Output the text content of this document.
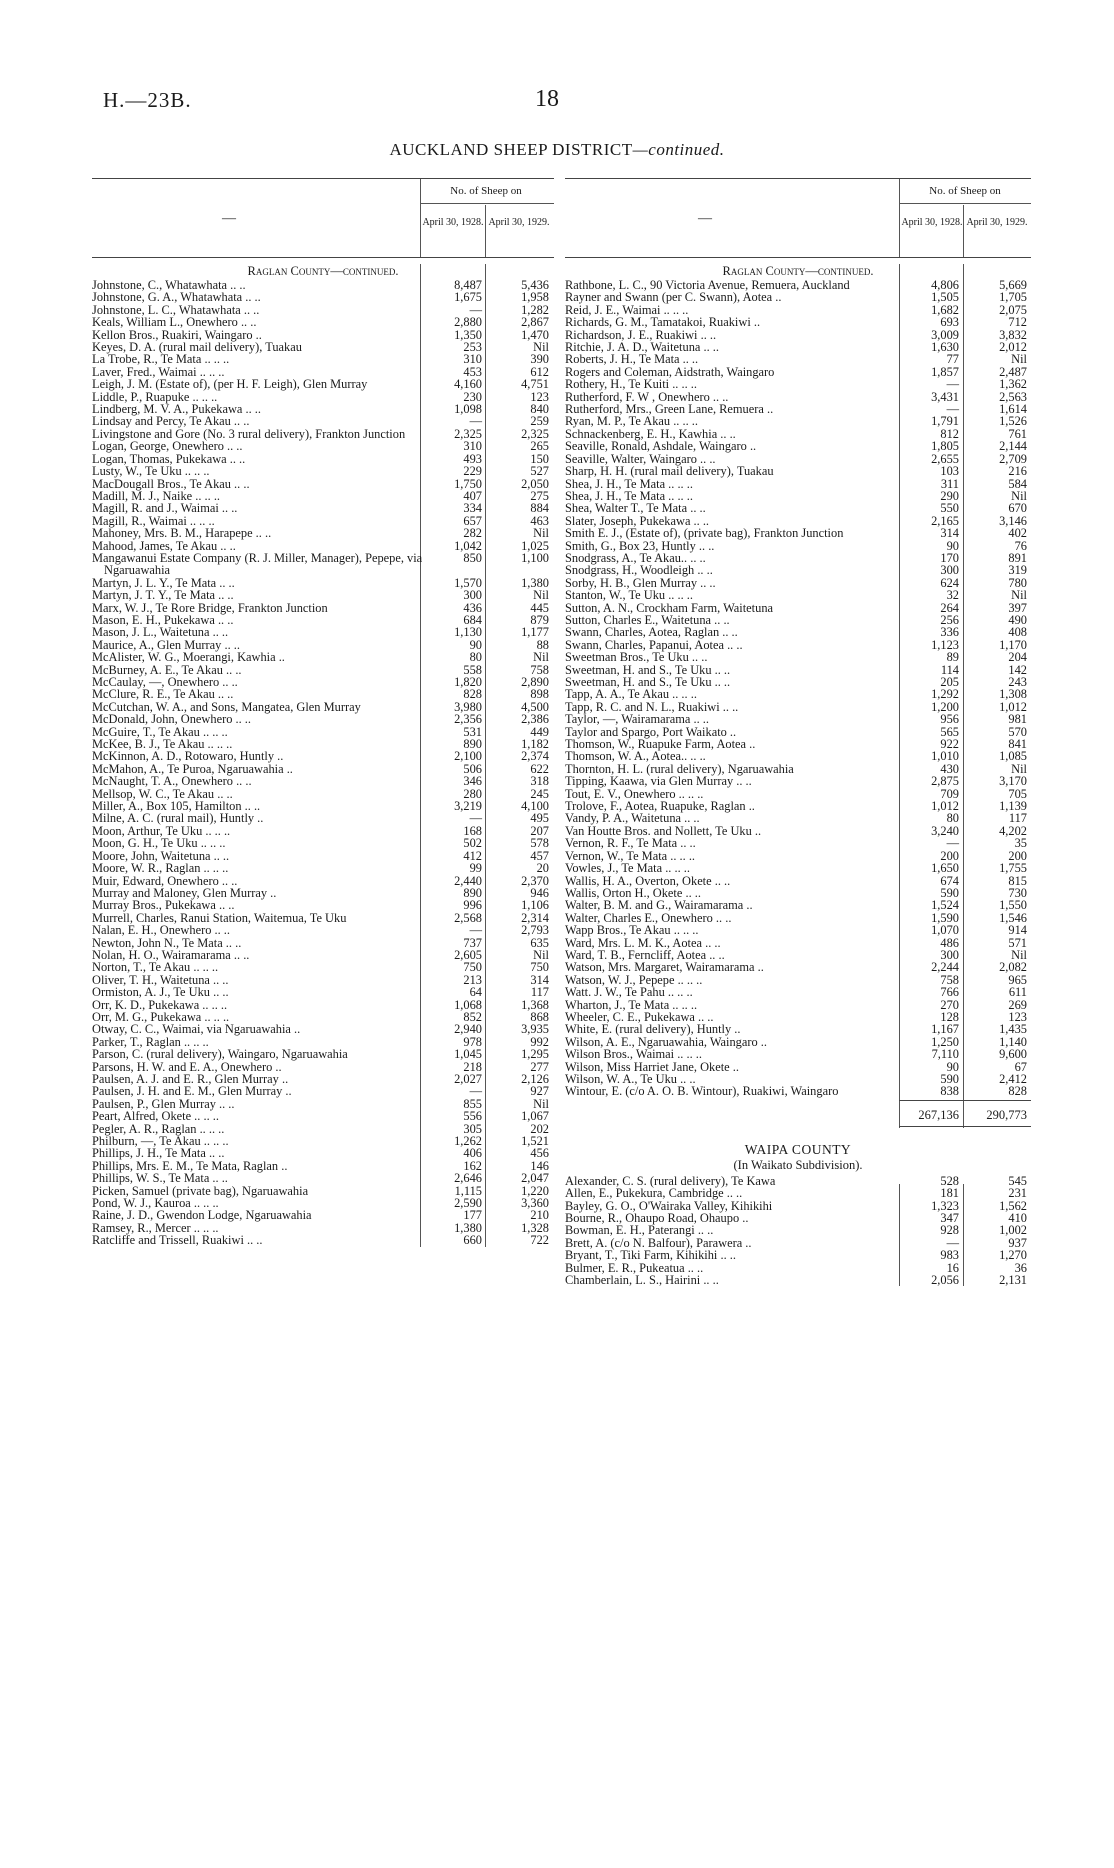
H.—23B.	18
AUCKLAND SHEEP DISTRICT—continued.
—
No. of Sheep on
April 30, 1928. April 30, 1929.
Raglan County—continued.
Johnstone, C., Whatawhata .. ..	8,487	5,436
Johnstone, G. A., Whatawhata .. ..	1,675	1,958
Johnstone, L. C., Whatawhata .. ..	—	1,282
Keals, William L., Onewhero .. ..	2,880	2,867
Kellon Bros., Ruakiri, Waingaro ..	1,350	1,470
Keyes, D. A. (rural mail delivery), Tuakau	253	Nil
La Trobe, R., Te Mata .. .. ..	310	390
Laver, Fred., Waimai .. .. ..	453	612
Leigh, J. M. (Estate of), (per H. F. Leigh), Glen Murray	4,160	4,751
Liddle, P., Ruapuke .. .. ..	230	123
Lindberg, M. V. A., Pukekawa .. ..	1,098	840
Lindsay and Percy, Te Akau .. ..	—	259
Livingstone and Gore (No. 3 rural delivery), Frankton Junction	2,325	2,325
Logan, George, Onewhero .. ..	310	265
Logan, Thomas, Pukekawa .. ..	493	150
Lusty, W., Te Uku .. .. ..	229	527
MacDougall Bros., Te Akau .. ..	1,750	2,050
Madill, M. J., Naike .. .. ..	407	275
Magill, R. and J., Waimai .. ..	334	884
Magill, R., Waimai .. .. ..	657	463
Mahoney, Mrs. B. M., Harapepe .. ..	282	Nil
Mahood, James, Te Akau .. ..	1,042	1,025
Mangawanui Estate Company (R. J. Miller, Manager), Pepepe, via Ngaruawahia
850	1,100
Martyn, J. L. Y., Te Mata .. ..	1,570	1,380
Martyn, J. T. Y., Te Mata .. ..	300	Nil
Marx, W. J., Te Rore Bridge, Frankton Junction	436	445
Mason, E. H., Pukekawa .. ..	684	879
Mason, J. L., Waitetuna .. ..	1,130	1,177
Maurice, A., Glen Murray .. ..	90	88
McAlister, W. G., Moerangi, Kawhia ..	80	Nil
McBurney, A. E., Te Akau .. ..	558	758
McCaulay, —, Onewhero .. ..	1,820	2,890
McClure, R. E., Te Akau .. ..	828	898
McCutchan, W. A., and Sons, Mangatea, Glen Murray	3,980	4,500
McDonald, John, Onewhero .. ..	2,356	2,386
McGuire, T., Te Akau .. .. ..	531	449
McKee, B. J., Te Akau .. .. ..	890	1,182
McKinnon, A. D., Rotowaro, Huntly ..	2,100	2,374
McMahon, A., Te Puroa, Ngaruawahia ..	506	622
McNaught, T. A., Onewhero .. ..	346	318
Mellsop, W. C., Te Akau .. ..	280	245
Miller, A., Box 105, Hamilton .. ..	3,219	4,100
Milne, A. C. (rural mail), Huntly ..	—	495
Moon, Arthur, Te Uku .. .. ..	168	207
Moon, G. H., Te Uku .. .. ..	502	578
Moore, John, Waitetuna .. ..	412	457
Moore, W. R., Raglan .. .. ..	99	20
Muir, Edward, Onewhero .. ..	2,440	2,370
Murray and Maloney, Glen Murray ..	890	946
Murray Bros., Pukekawa .. ..	996	1,106
Murrell, Charles, Ranui Station, Waitemua, Te Uku	2,568	2,314
Nalan, E. H., Onewhero .. ..	—	2,793
Newton, John N., Te Mata .. ..	737	635
Nolan, H. O., Wairamarama .. ..	2,605	Nil
Norton, T., Te Akau .. .. ..	750	750
Oliver, T. H., Waitetuna .. ..	213	314
Ormiston, A. J., Te Uku .. ..	64	117
Orr, K. D., Pukekawa .. .. ..	1,068	1,368
Orr, M. G., Pukekawa .. .. ..	852	868
Otway, C. C., Waimai, via Ngaruawahia ..	2,940	3,935
Parker, T., Raglan .. .. ..	978	992
Parson, C. (rural delivery), Waingaro, Ngaruawahia	1,045	1,295
Parsons, H. W. and E. A., Onewhero ..	218	277
Paulsen, A. J. and E. R., Glen Murray ..	2,027	2,126
Paulsen, J. H. and E. M., Glen Murray ..	—	927
Paulsen, P., Glen Murray .. ..	855	Nil
Peart, Alfred, Okete .. .. ..	556	1,067
Pegler, A. R., Raglan .. .. ..	305	202
Philburn, —, Te Akau .. .. ..	1,262	1,521
Phillips, J. H., Te Mata .. ..	406	456
Phillips, Mrs. E. M., Te Mata, Raglan ..	162	146
Phillips, W. S., Te Mata .. ..	2,646	2,047
Picken, Samuel (private bag), Ngaruawahia	1,115	1,220
Pond, W. J., Kauroa .. .. ..	2,590	3,360
Raine, J. D., Gwendon Lodge, Ngaruawahia	177	210
Ramsey, R., Mercer .. .. ..	1,380	1,328
Ratcliffe and Trissell, Ruakiwi .. ..	660	722
—
No. of Sheep on
April 30, 1928. April 30, 1929.
Raglan County—continued.
Rathbone, L. C., 90 Victoria Avenue, Remuera, Auckland	4,806	5,669
Rayner and Swann (per C. Swann), Aotea ..	1,505	1,705
Reid, J. E., Waimai .. .. ..	1,682	2,075
Richards, G. M., Tamatakoi, Ruakiwi ..	693	712
Richardson, J. E., Ruakiwi .. ..	3,009	3,832
Ritchie, J. A. D., Waitetuna .. ..	1,630	2,012
Roberts, J. H., Te Mata .. ..	77	Nil
Rogers and Coleman, Aidstrath, Waingaro	1,857	2,487
Rothery, H., Te Kuiti .. .. ..	—	1,362
Rutherford, F. W , Onewhero .. ..	3,431	2,563
Rutherford, Mrs., Green Lane, Remuera ..	—	1,614
Ryan, M. P., Te Akau .. .. ..	1,791	1,526
Schnackenberg, E. H., Kawhia .. ..	812	761
Seaville, Ronald, Ashdale, Waingaro ..	1,805	2,144
Seaville, Walter, Waingaro .. ..	2,655	2,709
Sharp, H. H. (rural mail delivery), Tuakau	103	216
Shea, J. H., Te Mata .. .. ..	311	584
Shea, J. H., Te Mata .. .. ..	290	Nil
Shea, Walter T., Te Mata .. ..	550	670
Slater, Joseph, Pukekawa .. ..	2,165	3,146
Smith E. J., (Estate of), (private bag), Frankton Junction	314	402
Smith, G., Box 23, Huntly .. ..	90	76
Snodgrass, A., Te Akau.. .. ..	170	891
Snodgrass, H., Woodleigh .. ..	300	319
Sorby, H. B., Glen Murray .. ..	624	780
Stanton, W., Te Uku .. .. ..	32	Nil
Sutton, A. N., Crockham Farm, Waitetuna	264	397
Sutton, Charles E., Waitetuna .. ..	256	490
Swann, Charles, Aotea, Raglan .. ..	336	408
Swann, Charles, Papanui, Aotea .. ..	1,123	1,170
Sweetman Bros., Te Uku .. ..	89	204
Sweetman, H. and S., Te Uku .. ..	114	142
Sweetman, H. and S., Te Uku .. ..	205	243
Tapp, A. A., Te Akau .. .. ..	1,292	1,308
Tapp, R. C. and N. L., Ruakiwi .. ..	1,200	1,012
Taylor, —, Wairamarama .. ..	956	981
Taylor and Spargo, Port Waikato ..	565	570
Thomson, W., Ruapuke Farm, Aotea ..	922	841
Thomson, W. A., Aotea.. .. ..	1,010	1,085
Thornton, H. L. (rural delivery), Ngaruawahia	430	Nil
Tipping, Kaawa, via Glen Murray .. ..	2,875	3,170
Tout, E. V., Onewhero .. .. ..	709	705
Trolove, F., Aotea, Ruapuke, Raglan ..	1,012	1,139
Vandy, P. A., Waitetuna .. ..	80	117
Van Houtte Bros. and Nollett, Te Uku ..	3,240	4,202
Vernon, R. F., Te Mata .. ..	—	35
Vernon, W., Te Mata .. .. ..	200	200
Vowles, J., Te Mata .. .. ..	1,650	1,755
Wallis, H. A., Overton, Okete .. ..	674	815
Wallis, Orton H., Okete .. ..	590	730
Walter, B. M. and G., Wairamarama ..	1,524	1,550
Walter, Charles E., Onewhero .. ..	1,590	1,546
Wapp Bros., Te Akau .. .. ..	1,070	914
Ward, Mrs. L. M. K., Aotea .. ..	486	571
Ward, T. B., Ferncliff, Aotea .. ..	300	Nil
Watson, Mrs. Margaret, Wairamarama ..	2,244	2,082
Watson, W. J., Pepepe .. .. ..	758	965
Watt. J. W., Te Pahu .. .. ..	766	611
Wharton, J., Te Mata .. .. ..	270	269
Wheeler, C. E., Pukekawa .. ..	128	123
White, E. (rural delivery), Huntly ..	1,167	1,435
Wilson, A. E., Ngaruawahia, Waingaro ..	1,250	1,140
Wilson Bros., Waimai .. .. ..	7,110	9,600
Wilson, Miss Harriet Jane, Okete ..	90	67
Wilson, W. A., Te Uku .. ..	590	2,412
Wintour, E. (c/o A. O. B. Wintour), Ruakiwi, Waingaro	838	828
267,136	290,773
WAIPA COUNTY
(In Waikato Subdivision).
Alexander, C. S. (rural delivery), Te Kawa	528	545
Allen, E., Pukekura, Cambridge .. ..	181	231
Bayley, G. O., O'Wairaka Valley, Kihikihi	1,323	1,562
Bourne, R., Ohaupo Road, Ohaupo ..	347	410
Bowman, E. H., Paterangi .. ..	928	1,002
Brett, A. (c/o N. Balfour), Parawera ..	—	937
Bryant, T., Tiki Farm, Kihikihi .. ..	983	1,270
Bulmer, E. R., Pukeatua .. ..	16	36
Chamberlain, L. S., Hairini .. ..	2,056	2,131
